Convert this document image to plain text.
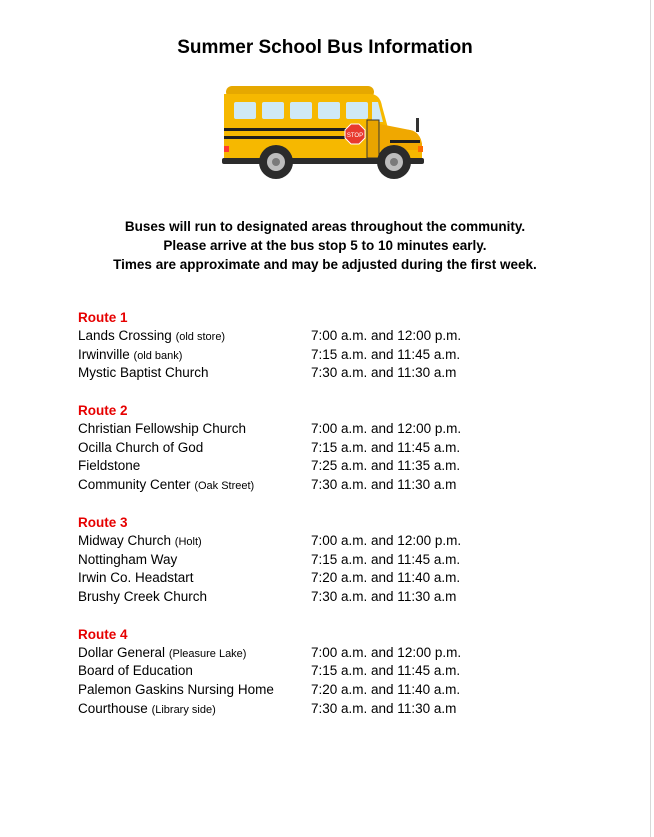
Summer School Bus Information
STOP
Buses will run to designated areas throughout the community.
Please arrive at the bus stop 5 to 10 minutes early.
Times are approximate and may be adjusted during the first week.
Route 1
Lands Crossing (old store)	7:00 a.m. and 12:00 p.m.
Irwinville (old bank)	7:15 a.m. and 11:45 a.m.
Mystic Baptist Church	7:30 a.m. and 11:30 a.m
Route 2
Christian Fellowship Church	7:00 a.m. and 12:00 p.m.
Ocilla Church of God	7:15 a.m. and 11:45 a.m.
Fieldstone	7:25 a.m. and 11:35 a.m.
Community Center (Oak Street)	7:30 a.m. and 11:30 a.m
Route 3
Midway Church (Holt)	7:00 a.m. and 12:00 p.m.
Nottingham Way	7:15 a.m. and 11:45 a.m.
Irwin Co. Headstart	7:20 a.m. and 11:40 a.m.
Brushy Creek Church	7:30 a.m. and 11:30 a.m
Route 4
Dollar General (Pleasure Lake)	7:00 a.m. and 12:00 p.m.
Board of Education	7:15 a.m. and 11:45 a.m.
Palemon Gaskins Nursing Home	7:20 a.m. and 11:40 a.m.
Courthouse (Library side)	7:30 a.m. and 11:30 a.m
